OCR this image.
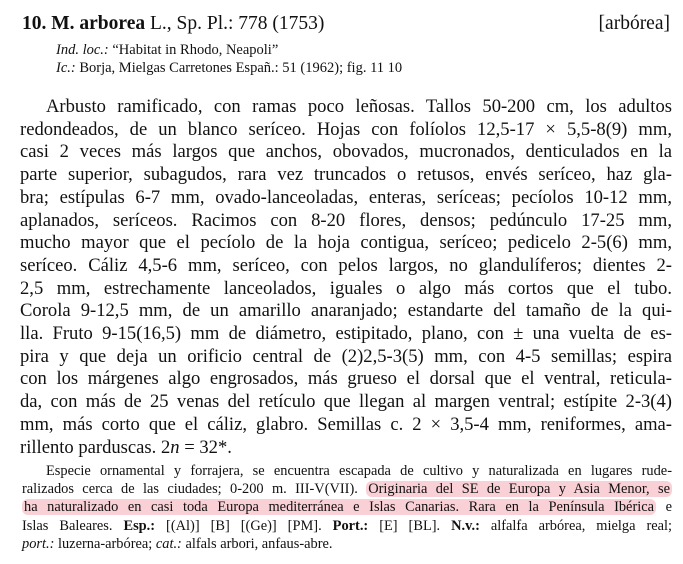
10. M. arborea L., Sp. Pl.: 778 (1753)	[arbórea]
Ind. loc.: “Habitat in Rhodo, Neapoli”
Ic.: Borja, Mielgas Carretones Españ.: 51 (1962); fig. 11 10
Arbusto ramificado, con ramas poco leñosas. Tallos 50-200 cm, los adultos
redondeados, de un blanco seríceo. Hojas con folíolos 12,5-17 × 5,5-8(9) mm,
casi 2 veces más largos que anchos, obovados, mucronados, denticulados en la
parte superior, subagudos, rara vez truncados o retusos, envés seríceo, haz gla-
bra; estípulas 6-7 mm, ovado-lanceoladas, enteras, seríceas; pecíolos 10-12 mm,
aplanados, seríceos. Racimos con 8-20 flores, densos; pedúnculo 17-25 mm,
mucho mayor que el pecíolo de la hoja contigua, seríceo; pedicelo 2-5(6) mm,
seríceo. Cáliz 4,5-6 mm, seríceo, con pelos largos, no glandulíferos; dientes 2-
2,5 mm, estrechamente lanceolados, iguales o algo más cortos que el tubo.
Corola 9-12,5 mm, de un amarillo anaranjado; estandarte del tamaño de la qui-
lla. Fruto 9-15(16,5) mm de diámetro, estipitado, plano, con ± una vuelta de es-
pira y que deja un orificio central de (2)2,5-3(5) mm, con 4-5 semillas; espira
con los márgenes algo engrosados, más grueso el dorsal que el ventral, reticula-
da, con más de 25 venas del retículo que llegan al margen ventral; estípite 2-3(4)
mm, más corto que el cáliz, glabro. Semillas c. 2 × 3,5-4 mm, reniformes, ama-
rillento parduscas. 2n = 32*.
Especie ornamental y forrajera, se encuentra escapada de cultivo y naturalizada en lugares rude-
ralizados cerca de las ciudades; 0-200 m. III-V(VII). Originaria del SE de Europa y Asia Menor, se
ha naturalizado en casi toda Europa mediterránea e Islas Canarias. Rara en la Península Ibérica e
Islas Baleares. Esp.: [(Al)] [B] [(Ge)] [PM]. Port.: [E] [BL]. N.v.: alfalfa arbórea, mielga real;
port.: luzerna-arbórea; cat.: alfals arbori, anfaus-abre.
